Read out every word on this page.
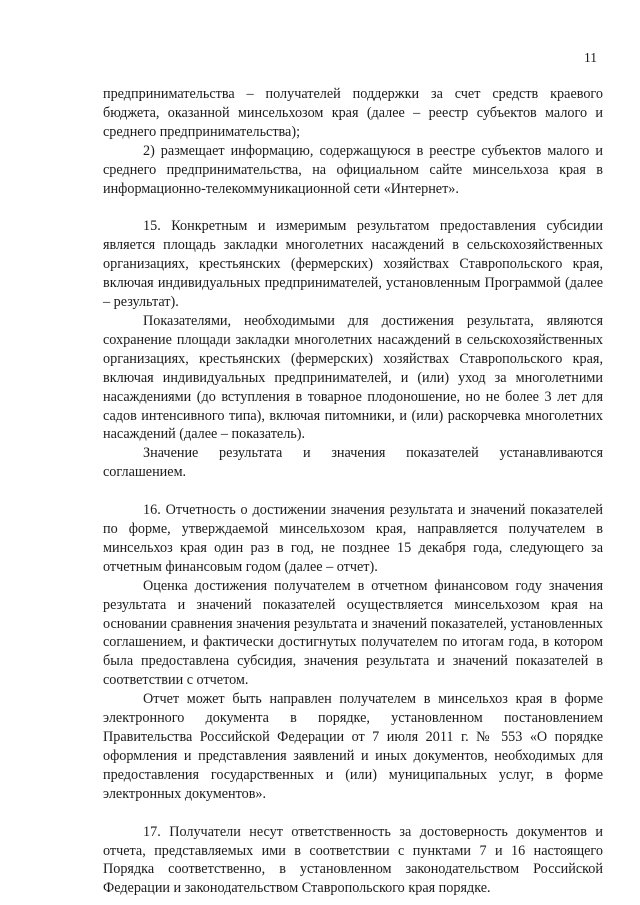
11

предпринимательства – получателей поддержки за счет средств краевого бюджета, оказанной минсельхозом края (далее – реестр субъектов малого и среднего предпринимательства);

2) размещает информацию, содержащуюся в реестре субъектов малого и среднего предпринимательства, на официальном сайте минсельхоза края в информационно-телекоммуникационной сети «Интернет».

15. Конкретным и измеримым результатом предоставления субсидии является площадь закладки многолетних насаждений в сельскохозяйственных организациях, крестьянских (фермерских) хозяйствах Ставропольского края, включая индивидуальных предпринимателей, установленным Программой (далее – результат).

Показателями, необходимыми для достижения результата, являются сохранение площади закладки многолетних насаждений в сельскохозяйственных организациях, крестьянских (фермерских) хозяйствах Ставропольского края, включая индивидуальных предпринимателей, и (или) уход за многолетними насаждениями (до вступления в товарное плодоношение, но не более 3 лет для садов интенсивного типа), включая питомники, и (или) раскорчевка многолетних насаждений (далее – показатель).

Значение результата и значения показателей устанавливаются соглашением.

16. Отчетность о достижении значения результата и значений показателей по форме, утверждаемой минсельхозом края, направляется получателем в минсельхоз края один раз в год, не позднее 15 декабря года, следующего за отчетным финансовым годом (далее – отчет).

Оценка достижения получателем в отчетном финансовом году значения результата и значений показателей осуществляется минсельхозом края на основании сравнения значения результата и значений показателей, установленных соглашением, и фактически достигнутых получателем по итогам года, в котором была предоставлена субсидия, значения результата и значений показателей в соответствии с отчетом.

Отчет может быть направлен получателем в минсельхоз края в форме электронного документа в порядке, установленном постановлением Правительства Российской Федерации от 7 июля 2011 г. № 553 «О порядке оформления и представления заявлений и иных документов, необходимых для предоставления государственных и (или) муниципальных услуг, в форме электронных документов».

17. Получатели несут ответственность за достоверность документов и отчета, представляемых ими в соответствии с пунктами 7 и 16 настоящего Порядка соответственно, в установленном законодательством Российской Федерации и законодательством Ставропольского края порядке.
